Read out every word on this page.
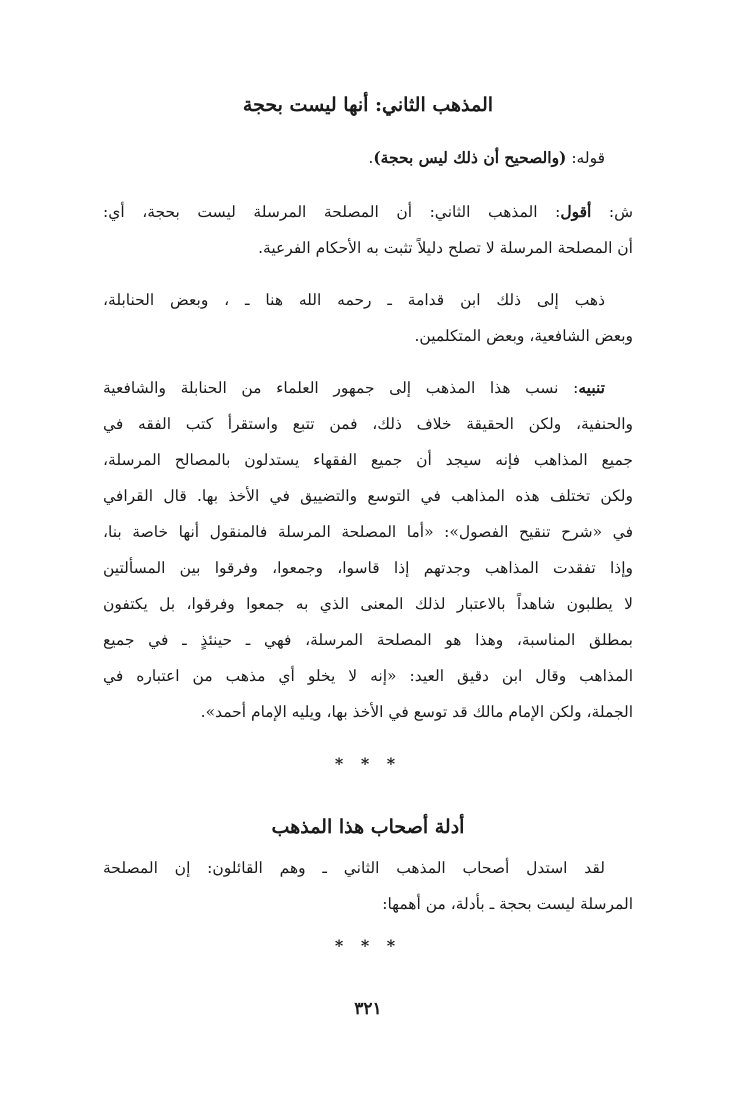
المذهب الثاني: أنها ليست بحجة
قوله: (والصحيح أن ذلك ليس بحجة).
ش: أقول: المذهب الثاني: أن المصلحة المرسلة ليست بحجة، أي:
أن المصلحة المرسلة لا تصلح دليلاً تثبت به الأحكام الفرعية.
ذهب إلى ذلك ابن قدامة ـ رحمه الله هنا ـ ، وبعض الحنابلة،
وبعض الشافعية، وبعض المتكلمين.
تنبيه: نسب هذا المذهب إلى جمهور العلماء من الحنابلة والشافعية
والحنفية، ولكن الحقيقة خلاف ذلك، فمن تتبع واستقرأ كتب الفقه في
جميع المذاهب فإنه سيجد أن جميع الفقهاء يستدلون بالمصالح المرسلة،
ولكن تختلف هذه المذاهب في التوسع والتضييق في الأخذ بها. قال القرافي
في «شرح تنقيح الفصول»: «أما المصلحة المرسلة فالمنقول أنها خاصة بنا،
وإذا تفقدت المذاهب وجدتهم إذا قاسوا، وجمعوا، وفرقوا بين المسألتين
لا يطلبون شاهداً بالاعتبار لذلك المعنى الذي به جمعوا وفرقوا، بل يكتفون
بمطلق المناسبة، وهذا هو المصلحة المرسلة، فهي ـ حينئذٍ ـ في جميع
المذاهب وقال ابن دقيق العيد: «إنه لا يخلو أي مذهب من اعتباره في
الجملة، ولكن الإمام مالك قد توسع في الأخذ بها، ويليه الإمام أحمد».
* * *
أدلة أصحاب هذا المذهب
لقد استدل أصحاب المذهب الثاني ـ وهم القائلون: إن المصلحة
المرسلة ليست بحجة ـ بأدلة، من أهمها:
* * *
٣٢١
